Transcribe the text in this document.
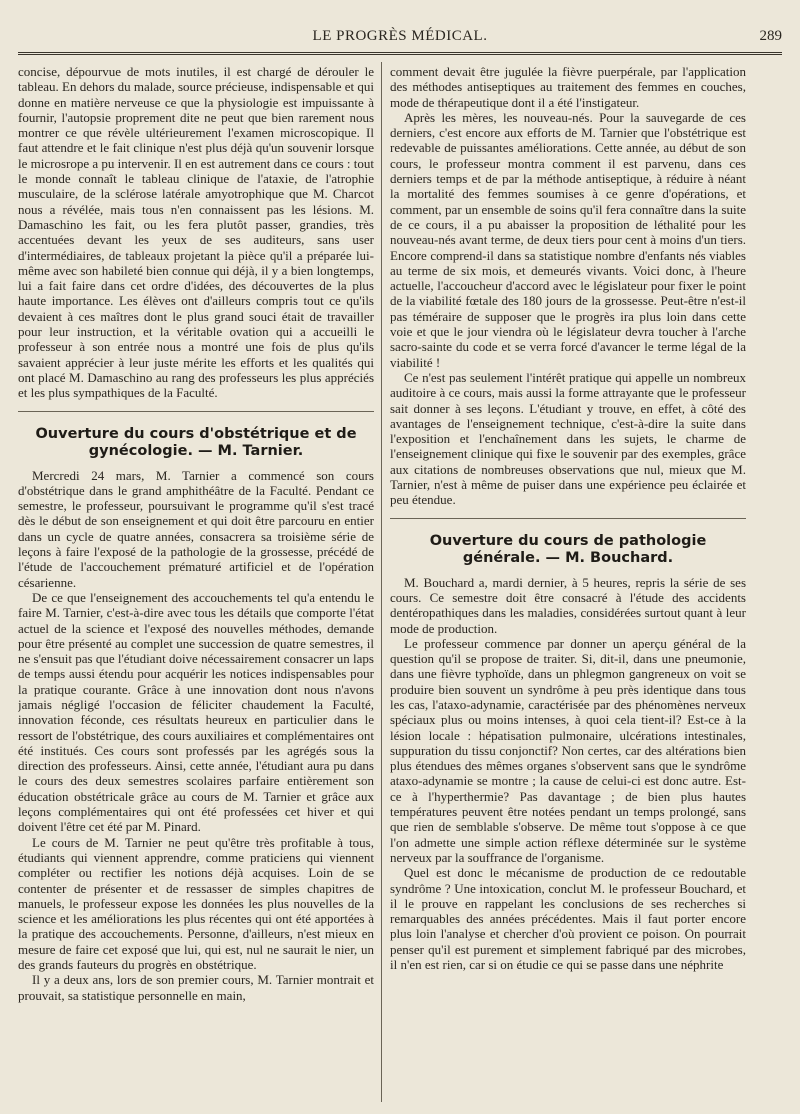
LE PROGRÈS MÉDICAL.	289

concise, dépourvue de mots inutiles, il est chargé de dérouler le tableau. En dehors du malade, source précieuse, indispensable et qui donne en matière nerveuse ce que la physiologie est impuissante à fournir, l'autopsie proprement dite ne peut que bien rarement nous montrer ce que révèle ultérieurement l'examen microscopique. Il faut attendre et le fait clinique n'est plus déjà qu'un souvenir lorsque le microsrope a pu intervenir. Il en est autrement dans ce cours : tout le monde connaît le tableau clinique de l'ataxie, de l'atrophie musculaire, de la sclérose latérale amyotrophique que M. Charcot nous a révélée, mais tous n'en connaissent pas les lésions. M. Damaschino les fait, ou les fera plutôt passer, grandies, très accentuées devant les yeux de ses auditeurs, sans user d'intermédiaires, de tableaux projetant la pièce qu'il a préparée lui-même avec son habileté bien connue qui déjà, il y a bien longtemps, lui a fait faire dans cet ordre d'idées, des découvertes de la plus haute importance. Les élèves ont d'ailleurs compris tout ce qu'ils devaient à ces maîtres dont le plus grand souci était de travailler pour leur instruction, et la véritable ovation qui a accueilli le professeur à son entrée nous a montré une fois de plus qu'ils savaient apprécier à leur juste mérite les efforts et les qualités qui ont placé M. Damaschino au rang des professeurs les plus appréciés et les plus sympathiques de la Faculté.

Ouverture du cours d'obstétrique et de gynécologie. — M. Tarnier.

Mercredi 24 mars, M. Tarnier a commencé son cours d'obstétrique dans le grand amphithéâtre de la Faculté. Pendant ce semestre, le professeur, poursuivant le programme qu'il s'est tracé dès le début de son enseignement et qui doit être parcouru en entier dans un cycle de quatre années, consacrera sa troisième série de leçons à faire l'exposé de la pathologie de la grossesse, précédé de l'étude de l'accouchement prématuré artificiel et de l'opération césarienne.

De ce que l'enseignement des accouchements tel qu'a entendu le faire M. Tarnier, c'est-à-dire avec tous les détails que comporte l'état actuel de la science et l'exposé des nouvelles méthodes, demande pour être présenté au complet une succession de quatre semestres, il ne s'ensuit pas que l'étudiant doive nécessairement consacrer un laps de temps aussi étendu pour acquérir les notices indispensables pour la pratique courante. Grâce à une innovation dont nous n'avons jamais négligé l'occasion de féliciter chaudement la Faculté, innovation féconde, ces résultats heureux en particulier dans le ressort de l'obstétrique, des cours auxiliaires et complémentaires ont été institués. Ces cours sont professés par les agrégés sous la direction des professeurs. Ainsi, cette année, l'étudiant aura pu dans le cours des deux semestres scolaires parfaire entièrement son éducation obstétricale grâce au cours de M. Tarnier et grâce aux leçons complémentaires qui ont été professées cet hiver et qui doivent l'être cet été par M. Pinard.

Le cours de M. Tarnier ne peut qu'être très profitable à tous, étudiants qui viennent apprendre, comme praticiens qui viennent compléter ou rectifier les notions déjà acquises. Loin de se contenter de présenter et de ressasser de simples chapitres de manuels, le professeur expose les données les plus nouvelles de la science et les améliorations les plus récentes qui ont été apportées à la pratique des accouchements. Personne, d'ailleurs, n'est mieux en mesure de faire cet exposé que lui, qui est, nul ne saurait le nier, un des grands fauteurs du progrès en obstétrique.

Il y a deux ans, lors de son premier cours, M. Tarnier montrait et prouvait, sa statistique personnelle en main,

comment devait être jugulée la fièvre puerpérale, par l'application des méthodes antiseptiques au traitement des femmes en couches, mode de thérapeutique dont il a été l'instigateur.

Après les mères, les nouveau-nés. Pour la sauvegarde de ces derniers, c'est encore aux efforts de M. Tarnier que l'obstétrique est redevable de puissantes améliorations. Cette année, au début de son cours, le professeur montra comment il est parvenu, dans ces derniers temps et de par la méthode antiseptique, à réduire à néant la mortalité des femmes soumises à ce genre d'opérations, et comment, par un ensemble de soins qu'il fera connaître dans la suite de ce cours, il a pu abaisser la proposition de léthalité pour les nouveau-nés avant terme, de deux tiers pour cent à moins d'un tiers. Encore comprend-il dans sa statistique nombre d'enfants nés viables au terme de six mois, et demeurés vivants. Voici donc, à l'heure actuelle, l'accoucheur d'accord avec le législateur pour fixer le point de la viabilité fœtale des 180 jours de la grossesse. Peut-être n'est-il pas téméraire de supposer que le progrès ira plus loin dans cette voie et que le jour viendra où le législateur devra toucher à l'arche sacro-sainte du code et se verra forcé d'avancer le terme légal de la viabilité !

Ce n'est pas seulement l'intérêt pratique qui appelle un nombreux auditoire à ce cours, mais aussi la forme attrayante que le professeur sait donner à ses leçons. L'étudiant y trouve, en effet, à côté des avantages de l'enseignement technique, c'est-à-dire la suite dans l'exposition et l'enchaînement dans les sujets, le charme de l'enseignement clinique qui fixe le souvenir par des exemples, grâce aux citations de nombreuses observations que nul, mieux que M. Tarnier, n'est à même de puiser dans une expérience peu éclairée et peu étendue.

Ouverture du cours de pathologie générale. — M. Bouchard.

M. Bouchard a, mardi dernier, à 5 heures, repris la série de ses cours. Ce semestre doit être consacré à l'étude des accidents dentéropathiques dans les maladies, considérées surtout quant à leur mode de production.

Le professeur commence par donner un aperçu général de la question qu'il se propose de traiter. Si, dit-il, dans une pneumonie, dans une fièvre typhoïde, dans un phlegmon gangreneux on voit se produire bien souvent un syndrôme à peu près identique dans tous les cas, l'ataxo-adynamie, caractérisée par des phénomènes nerveux spéciaux plus ou moins intenses, à quoi cela tient-il? Est-ce à la lésion locale : hépatisation pulmonaire, ulcérations intestinales, suppuration du tissu conjonctif? Non certes, car des altérations bien plus étendues des mêmes organes s'observent sans que le syndrôme ataxo-adynamie se montre ; la cause de celui-ci est donc autre. Est-ce à l'hyperthermie? Pas davantage ; de bien plus hautes températures peuvent être notées pendant un temps prolongé, sans que rien de semblable s'observe. De même tout s'oppose à ce que l'on admette une simple action réflexe déterminée sur le système nerveux par la souffrance de l'organisme.

Quel est donc le mécanisme de production de ce redoutable syndrôme ? Une intoxication, conclut M. le professeur Bouchard, et il le prouve en rappelant les conclusions de ses recherches si remarquables des années précédentes. Mais il faut porter encore plus loin l'analyse et chercher d'où provient ce poison. On pourrait penser qu'il est purement et simplement fabriqué par des microbes, il n'en est rien, car si on étudie ce qui se passe dans une néphrite
